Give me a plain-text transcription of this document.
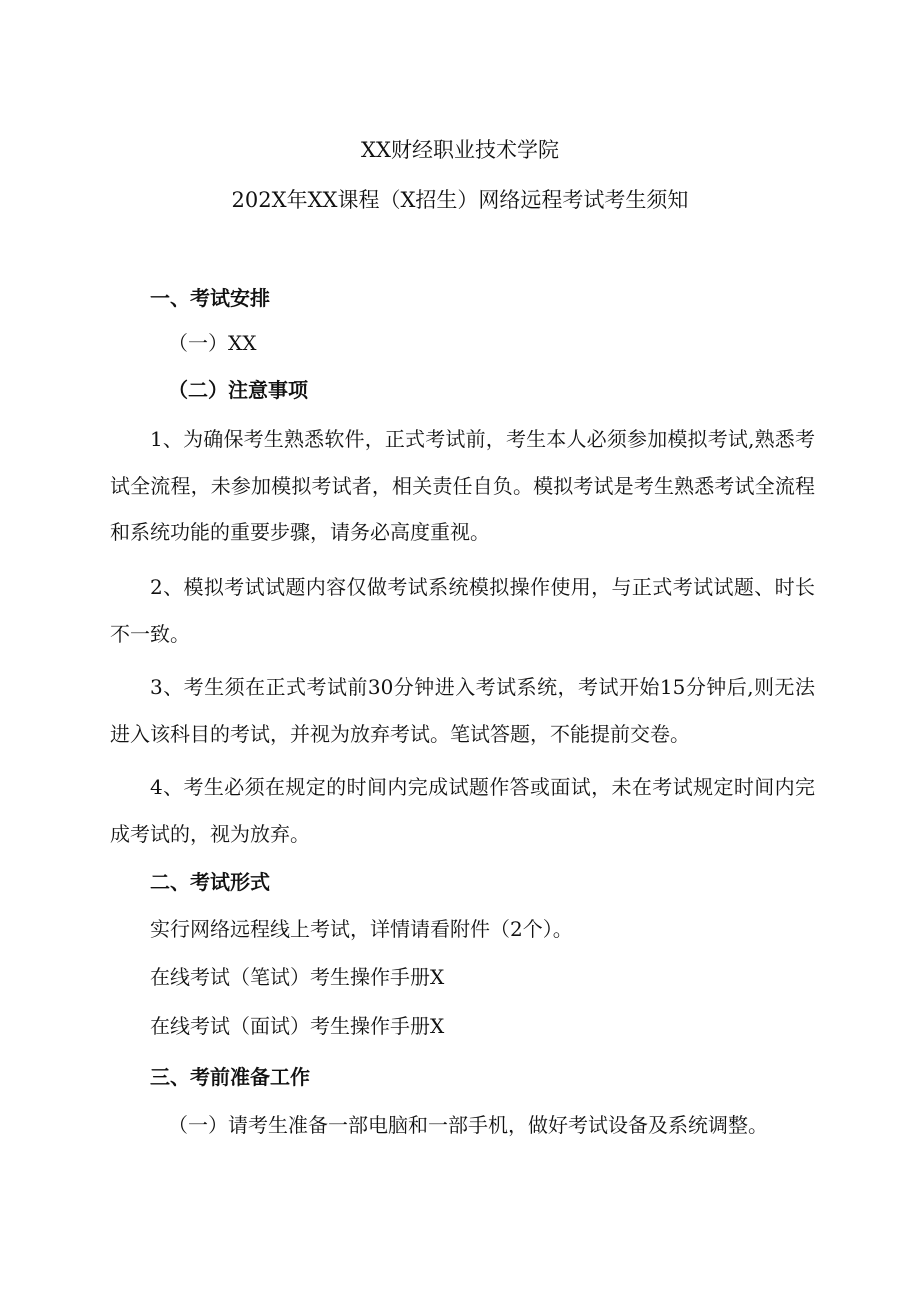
XX财经职业技术学院
202X年XX课程（X招生）网络远程考试考生须知
一、考试安排
（一）XX
（二）注意事项
1、为确保考生熟悉软件，正式考试前，考生本人必须参加模拟考试,熟悉考试全流程，未参加模拟考试者，相关责任自负。模拟考试是考生熟悉考试全流程和系统功能的重要步骤，请务必高度重视。
2、模拟考试试题内容仅做考试系统模拟操作使用，与正式考试试题、时长不一致。
3、考生须在正式考试前30分钟进入考试系统，考试开始15分钟后,则无法进入该科目的考试，并视为放弃考试。笔试答题，不能提前交卷。
4、考生必须在规定的时间内完成试题作答或面试，未在考试规定时间内完成考试的，视为放弃。
二、考试形式
实行网络远程线上考试，详情请看附件（2个）。
在线考试（笔试）考生操作手册X
在线考试（面试）考生操作手册X
三、考前准备工作
（一）请考生准备一部电脑和一部手机，做好考试设备及系统调整。
